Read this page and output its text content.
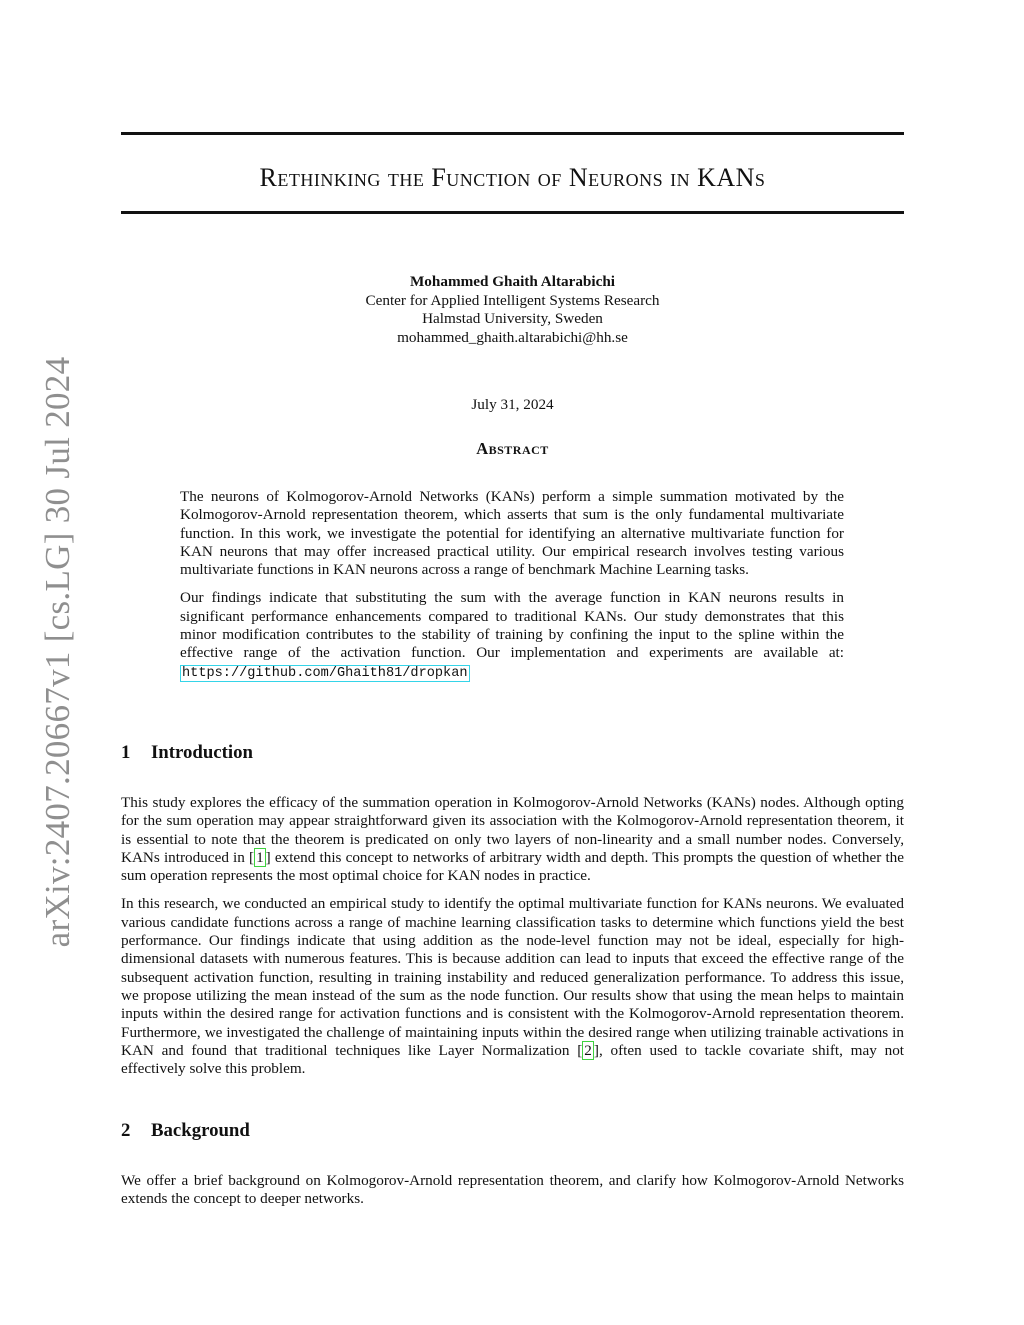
arXiv:2407.20667v1 [cs.LG] 30 Jul 2024
Rethinking the Function of Neurons in KANs
Mohammed Ghaith Altarabichi
Center for Applied Intelligent Systems Research
Halmstad University, Sweden
mohammed_ghaith.altarabichi@hh.se
July 31, 2024
Abstract

The neurons of Kolmogorov-Arnold Networks (KANs) perform a simple summation motivated by the Kolmogorov-Arnold representation theorem, which asserts that sum is the only fundamental multivariate function. In this work, we investigate the potential for identifying an alternative multivariate function for KAN neurons that may offer increased practical utility. Our empirical research involves testing various multivariate functions in KAN neurons across a range of benchmark Machine Learning tasks.

Our findings indicate that substituting the sum with the average function in KAN neurons results in significant performance enhancements compared to traditional KANs. Our study demonstrates that this minor modification contributes to the stability of training by confining the input to the spline within the effective range of the activation function. Our implementation and experiments are available at: https://github.com/Ghaith81/dropkan

1 Introduction

This study explores the efficacy of the summation operation in Kolmogorov-Arnold Networks (KANs) nodes. Although opting for the sum operation may appear straightforward given its association with the Kolmogorov-Arnold representation theorem, it is essential to note that the theorem is predicated on only two layers of non-linearity and a small number nodes. Conversely, KANs introduced in [ 1 ] extend this concept to networks of arbitrary width and depth. This prompts the question of whether the sum operation represents the most optimal choice for KAN nodes in practice.

In this research, we conducted an empirical study to identify the optimal multivariate function for KANs neurons. We evaluated various candidate functions across a range of machine learning classification tasks to determine which functions yield the best performance. Our findings indicate that using addition as the node-level function may not be ideal, especially for high-dimensional datasets with numerous features. This is because addition can lead to inputs that exceed the effective range of the subsequent activation function, resulting in training instability and reduced generalization performance. To address this issue, we propose utilizing the mean instead of the sum as the node function. Our results show that using the mean helps to maintain inputs within the desired range for activation functions and is consistent with the Kolmogorov-Arnold representation theorem. Furthermore, we investigated the challenge of maintaining inputs within the desired range when utilizing trainable activations in KAN and found that traditional techniques like Layer Normalization [ 2 ], often used to tackle covariate shift, may not effectively solve this problem.

2 Background

We offer a brief background on Kolmogorov-Arnold representation theorem, and clarify how Kolmogorov-Arnold Networks extends the concept to deeper networks.
